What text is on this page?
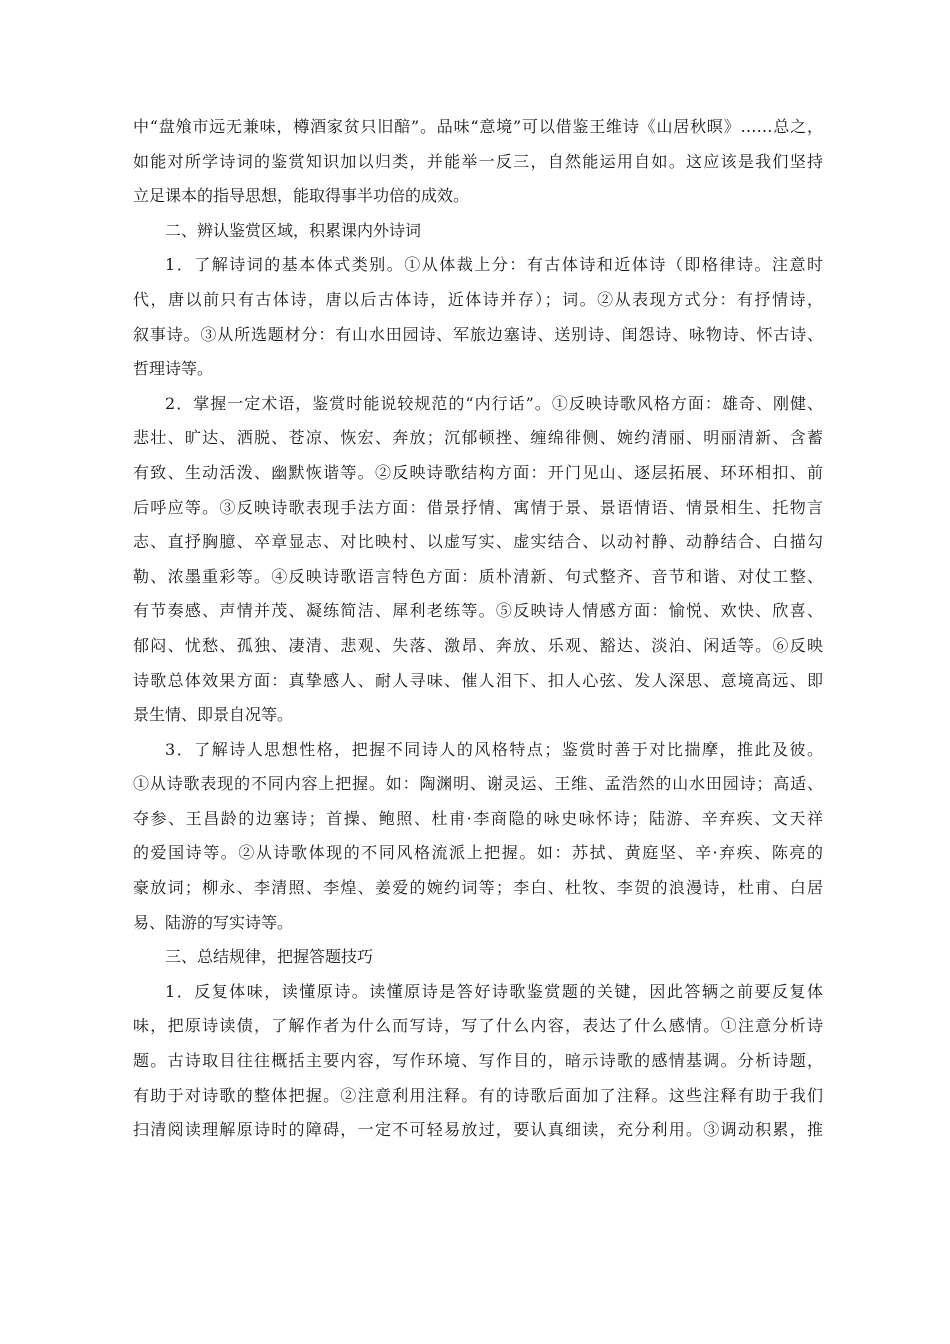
中“盘飧市远无兼味，樽酒家贫只旧醅”。品味“意境”可以借鉴王维诗《山居秋暝》……总之，
如能对所学诗词的鉴赏知识加以归类，并能举一反三，自然能运用自如。这应该是我们坚持
立足课本的指导思想，能取得事半功倍的成效。
二、辨认鉴赏区域，积累课内外诗词
1．了解诗词的基本体式类别。①从体裁上分：有古体诗和近体诗（即格律诗。注意时
代，唐以前只有古体诗，唐以后古体诗，近体诗并存）；词。②从表现方式分：有抒情诗，
叙事诗。③从所选题材分：有山水田园诗、军旅边塞诗、送别诗、闺怨诗、咏物诗、怀古诗、
哲理诗等。
2．掌握一定术语，鉴赏时能说较规范的“内行话”。①反映诗歌风格方面：雄奇、刚健、
悲壮、旷达、洒脱、苍凉、恢宏、奔放；沉郁顿挫、缠绵徘侧、婉约清丽、明丽清新、含蓄
有致、生动活泼、幽默恢谐等。②反映诗歌结构方面：开门见山、逐层拓展、环环相扣、前
后呼应等。③反映诗歌表现手法方面：借景抒情、寓情于景、景语情语、情景相生、托物言
志、直抒胸臆、卒章显志、对比映村、以虚写实、虚实结合、以动衬静、动静结合、白描勾
勒、浓墨重彩等。④反映诗歌语言特色方面：质朴清新、句式整齐、音节和谐、对仗工整、
有节奏感、声情并茂、凝练简洁、犀利老练等。⑤反映诗人情感方面：愉悦、欢快、欣喜、
郁闷、忧愁、孤独、凄清、悲观、失落、激昂、奔放、乐观、豁达、淡泊、闲适等。⑥反映
诗歌总体效果方面：真挚感人、耐人寻味、催人泪下、扣人心弦、发人深思、意境高远、即
景生情、即景自况等。
3．了解诗人思想性格，把握不同诗人的风格特点；鉴赏时善于对比揣摩，推此及彼。
①从诗歌表现的不同内容上把握。如：陶渊明、谢灵运、王维、孟浩然的山水田园诗；高适、
夺参、王昌龄的边塞诗；首操、鲍照、杜甫·李商隐的咏史咏怀诗；陆游、辛弃疾、文天祥
的爱国诗等。②从诗歌体现的不同风格流派上把握。如：苏拭、黄庭坚、辛·弃疾、陈亮的
豪放词；柳永、李清照、李煌、姜爱的婉约词等；李白、杜牧、李贺的浪漫诗，杜甫、白居
易、陆游的写实诗等。
三、总结规律，把握答题技巧
1．反复体味，读懂原诗。读懂原诗是答好诗歌鉴赏题的关键，因此答辆之前要反复体
味，把原诗读债，了解作者为什么而写诗，写了什么内容，表达了什么感情。①注意分析诗
题。古诗取目往往概括主要内容，写作环境、写作目的，暗示诗歌的感情基调。分析诗题，
有助于对诗歌的整体把握。②注意利用注释。有的诗歌后面加了注释。这些注释有助于我们
扫清阅读理解原诗时的障碍，一定不可轻易放过，要认真细读，充分利用。③调动积累，推
